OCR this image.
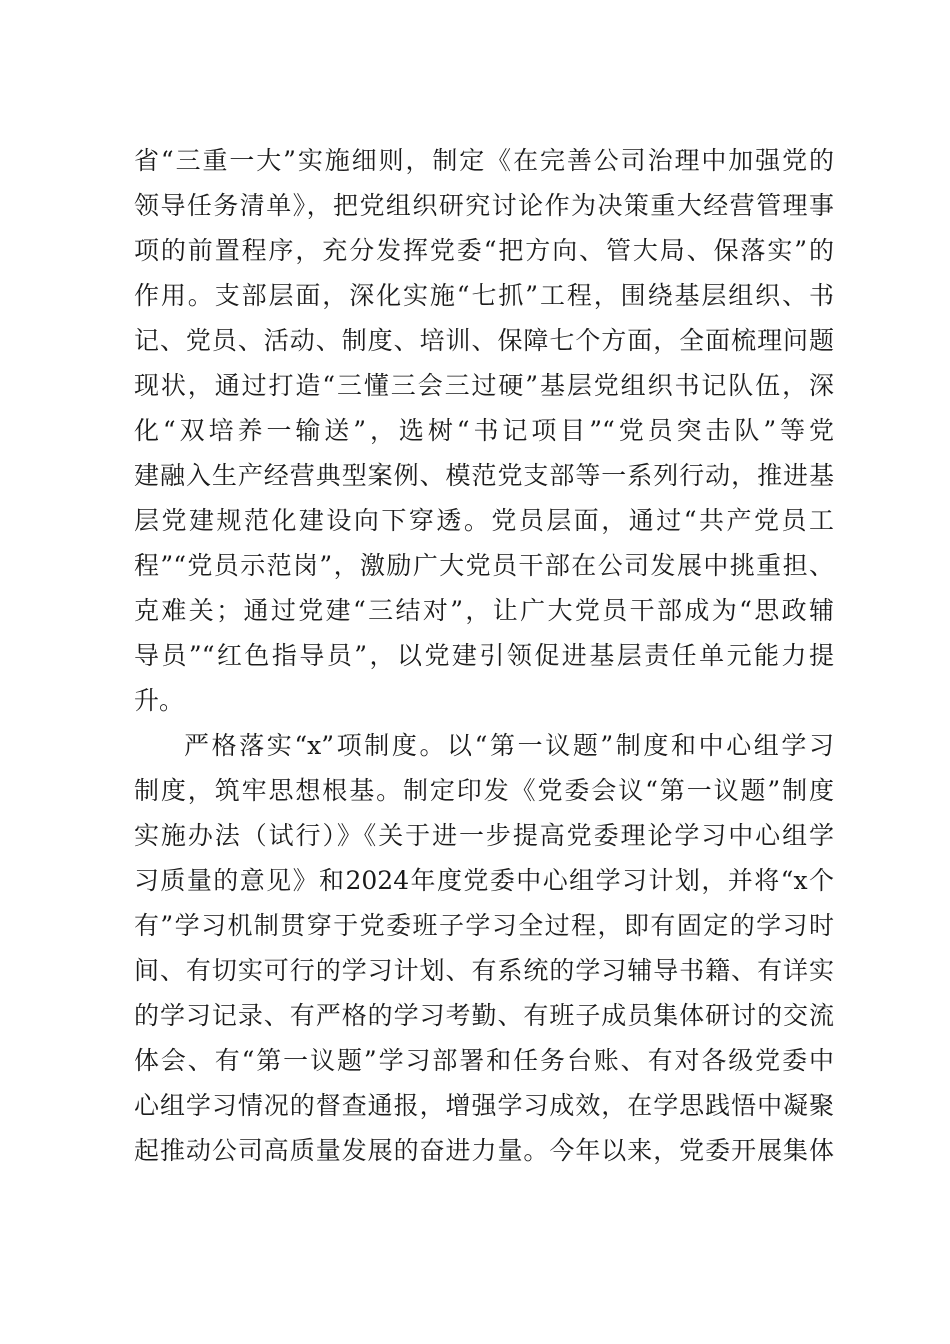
省“三重一大”实施细则，制定《在完善公司治理中加强党的
领导任务清单》，把党组织研究讨论作为决策重大经营管理事
项的前置程序，充分发挥党委“把方向、管大局、保落实”的
作用。支部层面，深化实施“七抓”工程，围绕基层组织、书
记、党员、活动、制度、培训、保障七个方面，全面梳理问题
现状，通过打造“三懂三会三过硬”基层党组织书记队伍，深
化“双培养一输送”，选树“书记项目”“党员突击队”等党
建融入生产经营典型案例、模范党支部等一系列行动，推进基
层党建规范化建设向下穿透。党员层面，通过“共产党员工
程”“党员示范岗”，激励广大党员干部在公司发展中挑重担、
克难关；通过党建“三结对”，让广大党员干部成为“思政辅
导员”“红色指导员”，以党建引领促进基层责任单元能力提
升。
严格落实“x”项制度。以“第一议题”制度和中心组学习
制度，筑牢思想根基。制定印发《党委会议“第一议题”制度
实施办法（试行）》《关于进一步提高党委理论学习中心组学
习质量的意见》和2024年度党委中心组学习计划，并将“x个
有”学习机制贯穿于党委班子学习全过程，即有固定的学习时
间、有切实可行的学习计划、有系统的学习辅导书籍、有详实
的学习记录、有严格的学习考勤、有班子成员集体研讨的交流
体会、有“第一议题”学习部署和任务台账、有对各级党委中
心组学习情况的督查通报，增强学习成效，在学思践悟中凝聚
起推动公司高质量发展的奋进力量。今年以来，党委开展集体
